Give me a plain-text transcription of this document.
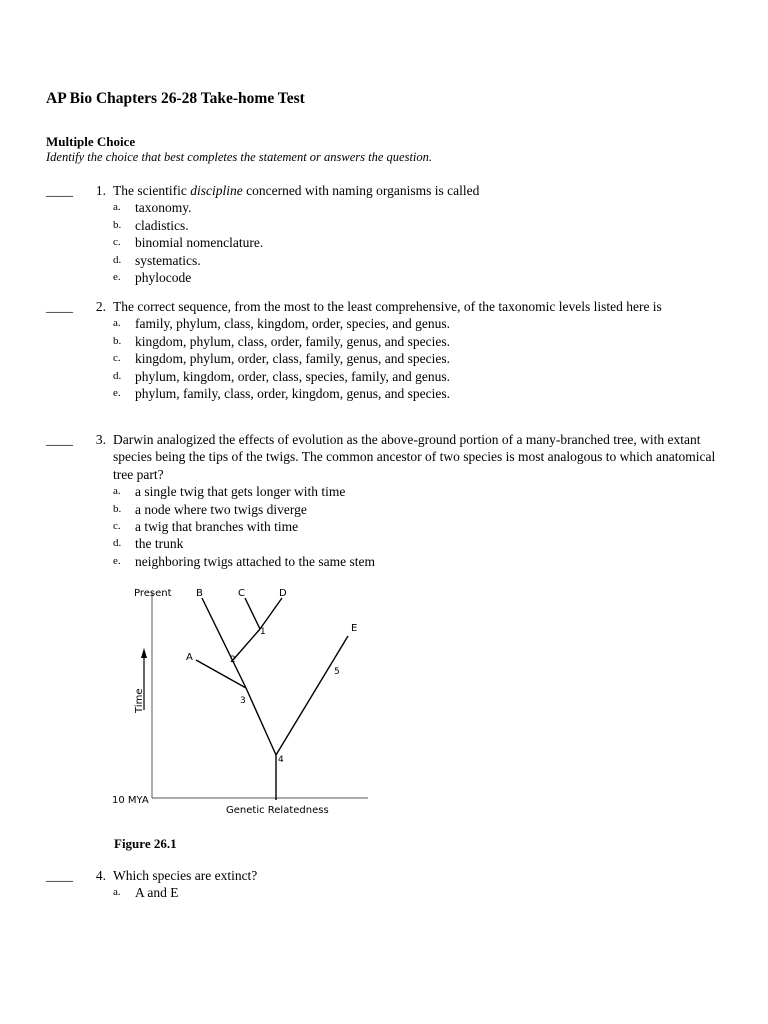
AP Bio Chapters 26-28 Take-home Test
Multiple Choice

Identify the choice that best completes the statement or answers the question.

____	1. The scientific discipline concerned with naming organisms is called
a. taxonomy.
b. cladistics.
c. binomial nomenclature.
d. systematics.
e. phylocode
____	2. The correct sequence, from the most to the least comprehensive, of the taxonomic levels listed here is
a. family, phylum, class, kingdom, order, species, and genus.
b. kingdom, phylum, class, order, family, genus, and species.
c. kingdom, phylum, order, class, family, genus, and species.
d. phylum, kingdom, order, class, species, family, and genus.
e. phylum, family, class, order, kingdom, genus, and species.
____	3. Darwin analogized the effects of evolution as the above-ground portion of a many-branched tree, with extant species being the tips of the twigs. The common ancestor of two species is most analogous to which anatomical tree part?
a. a single twig that gets longer with time
b. a node where two twigs diverge
c. a twig that branches with time
d. the trunk
e. neighboring twigs attached to the same stem
Present
10 MYA
Time
Genetic Relatedness
B	C	D
A
E
1
2
3
4
5

Figure 26.1

____	4. Which species are extinct?
a. A and E
